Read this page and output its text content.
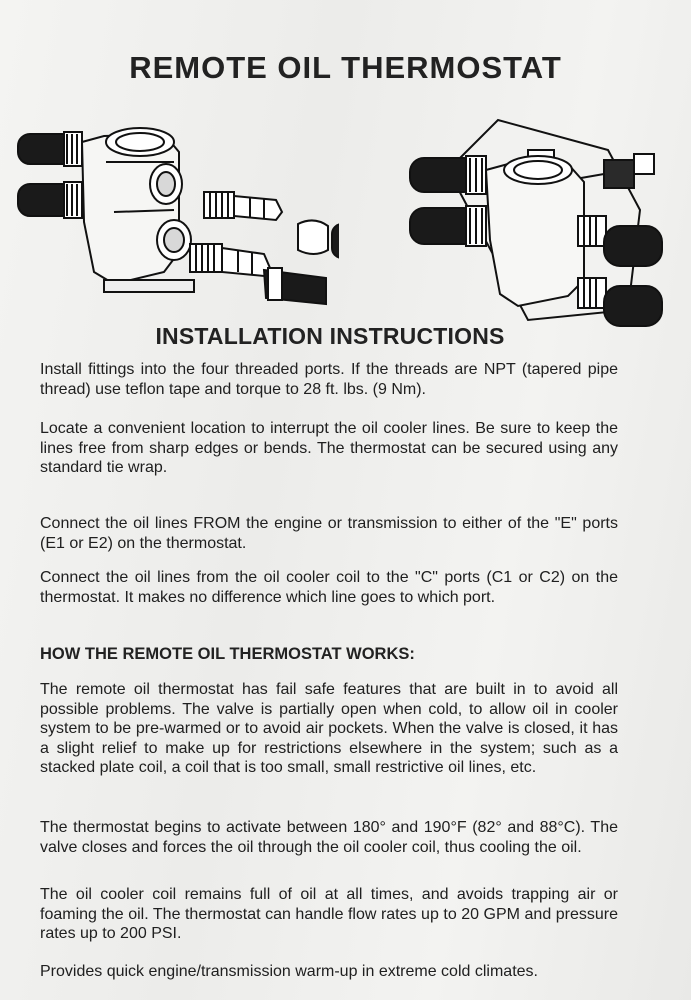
REMOTE OIL THERMOSTAT
INSTALLATION INSTRUCTIONS

Install fittings into the four threaded ports. If the threads are NPT (tapered pipe thread) use teflon tape and torque to 28 ft. lbs. (9 Nm).

Locate a convenient location to interrupt the oil cooler lines. Be sure to keep the lines free from sharp edges or bends. The thermostat can be secured using any standard tie wrap.

Connect the oil lines FROM the engine or transmission to either of the "E" ports (E1 or E2) on the thermostat.

Connect the oil lines from the oil cooler coil to the "C" ports (C1 or C2) on the thermostat. It makes no difference which line goes to which port.

HOW THE REMOTE OIL THERMOSTAT WORKS:

The remote oil thermostat has fail safe features that are built in to avoid all possible problems. The valve is partially open when cold, to allow oil in cooler system to be pre-warmed or to avoid air pockets. When the valve is closed, it has a slight relief to make up for restrictions elsewhere in the system; such as a stacked plate coil, a coil that is too small, small restrictive oil lines, etc.

The thermostat begins to activate between 180° and 190°F (82° and 88°C). The valve closes and forces the oil through the oil cooler coil, thus cooling the oil.

The oil cooler coil remains full of oil at all times, and avoids trapping air or foaming the oil. The thermostat can handle flow rates up to 20 GPM and pressure rates up to 200 PSI.

Provides quick engine/transmission warm-up in extreme cold climates.
